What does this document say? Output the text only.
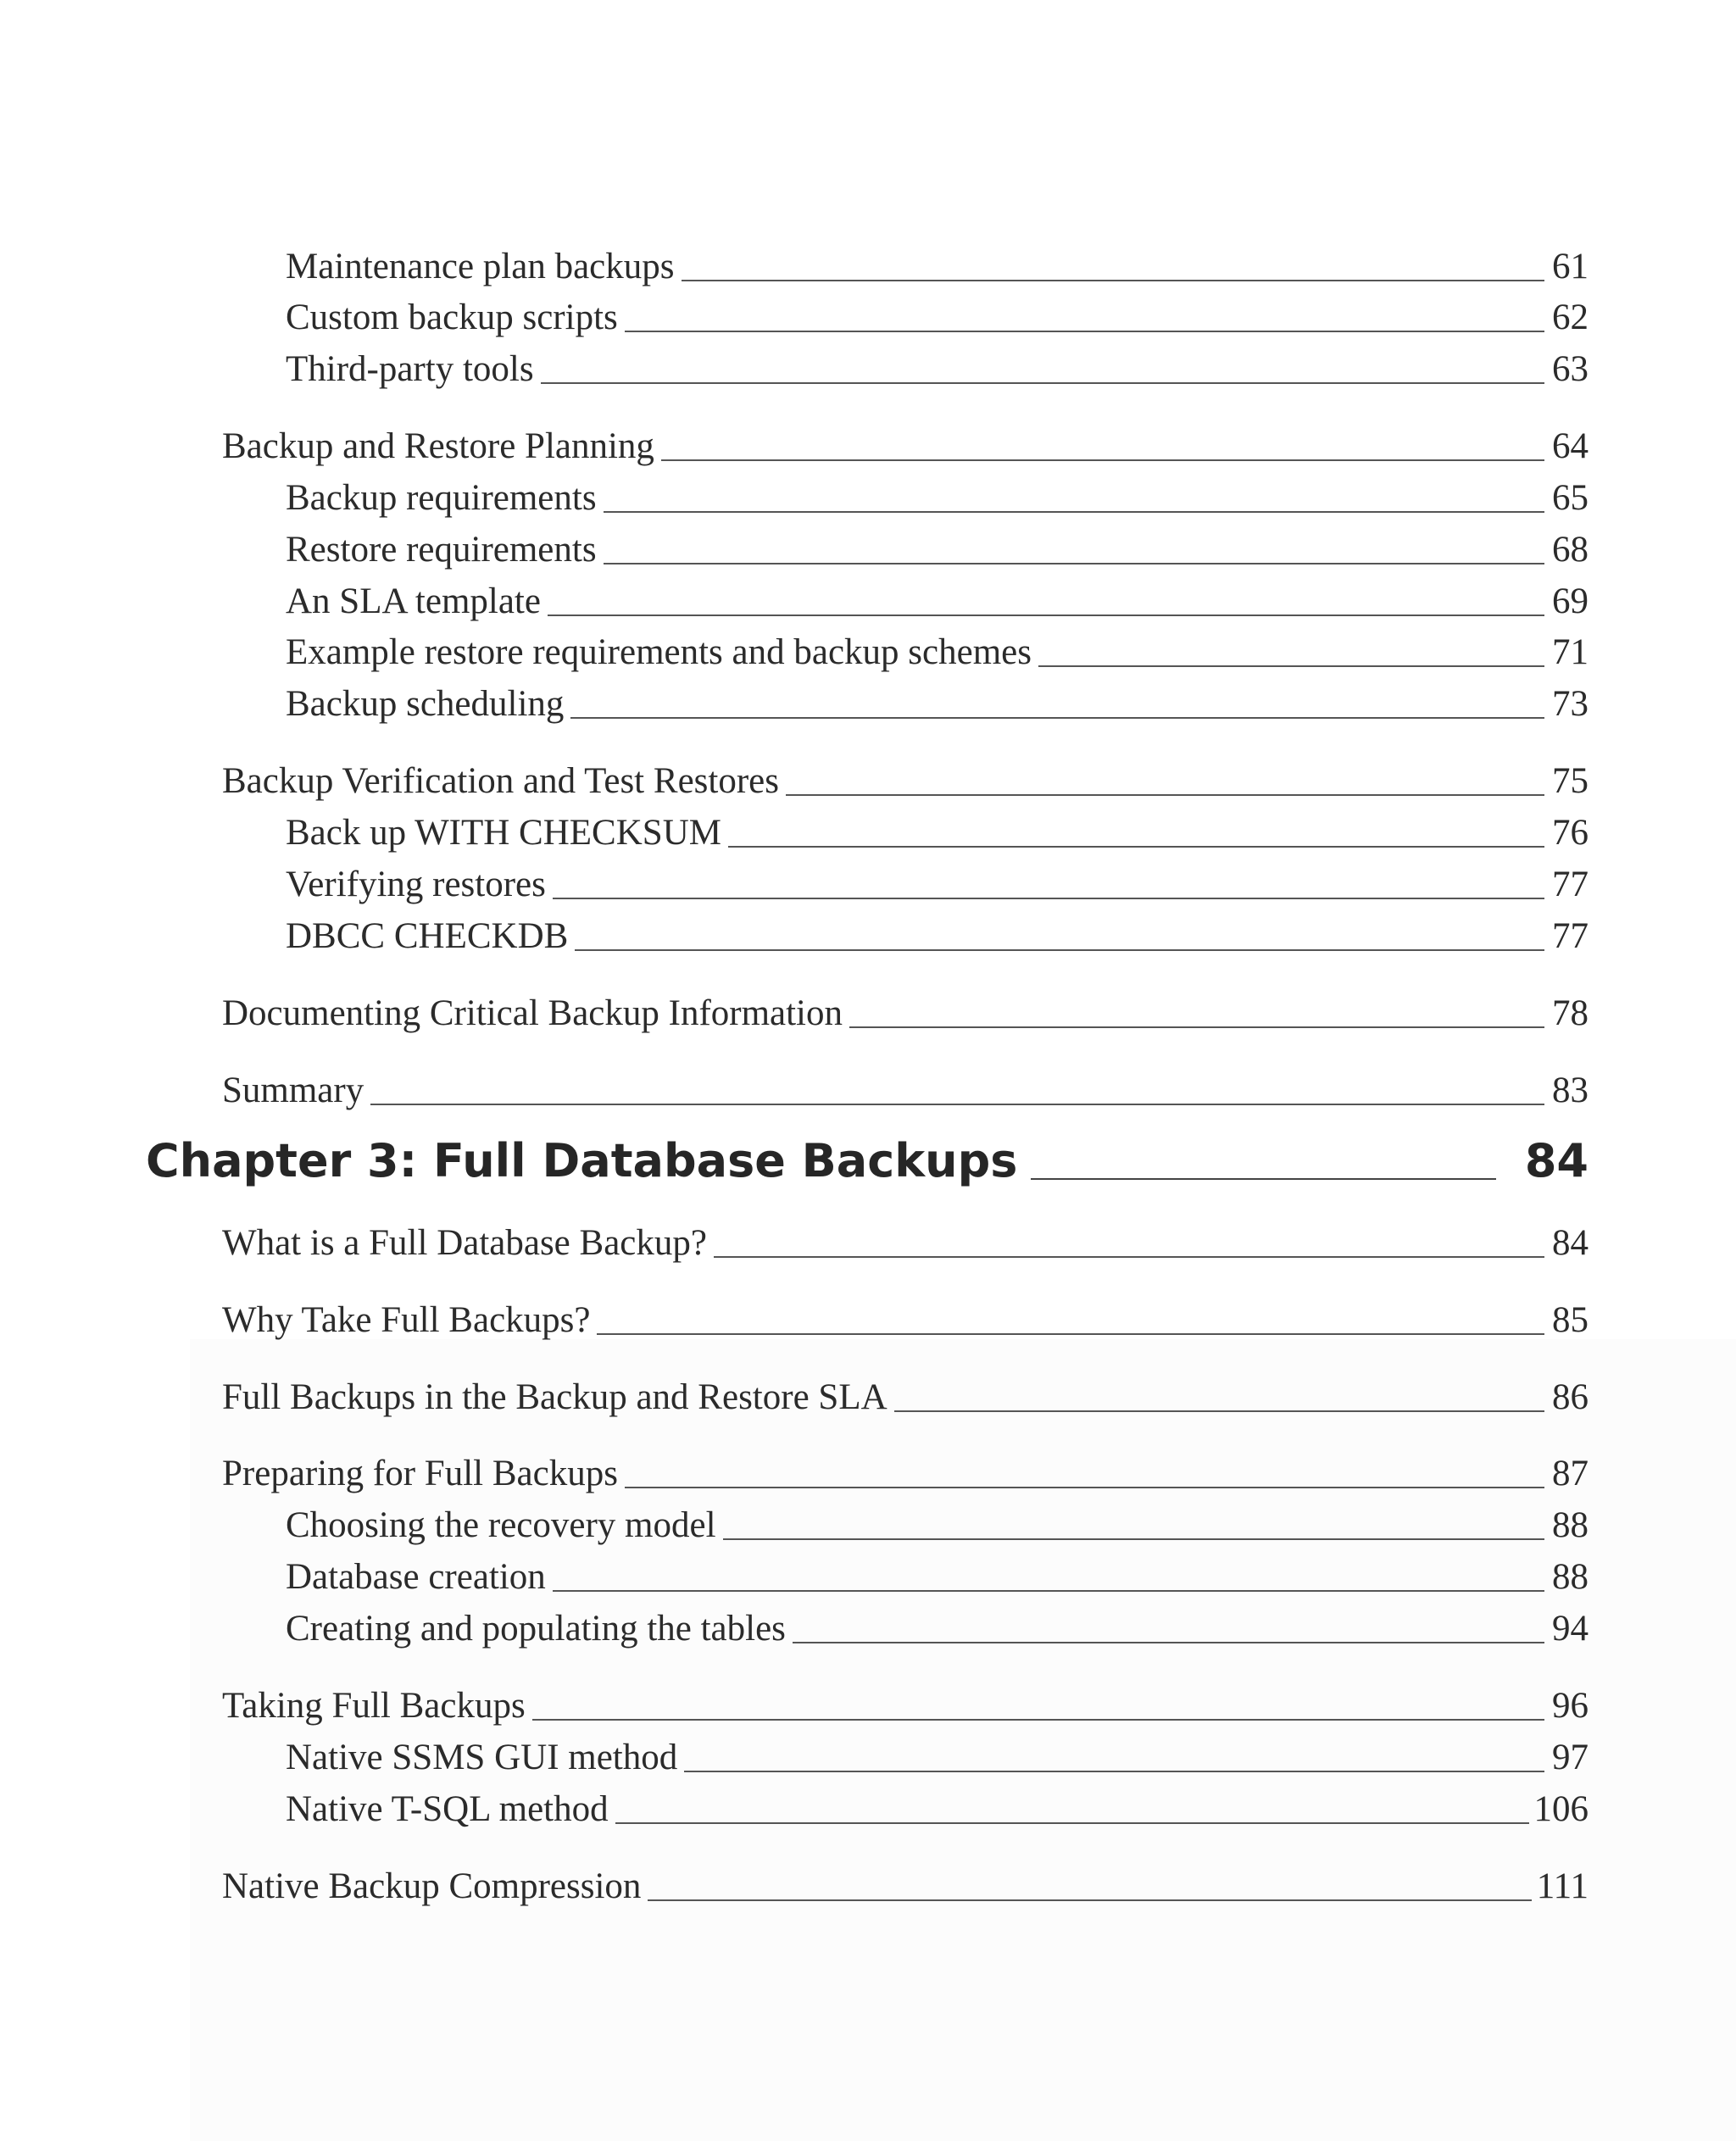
Maintenance plan backups	61
Custom backup scripts	62
Third-party tools	63
Backup and Restore Planning	64
Backup requirements	65
Restore requirements	68
An SLA template	69
Example restore requirements and backup schemes	71
Backup scheduling	73
Backup Verification and Test Restores	75
Back up WITH CHECKSUM	76
Verifying restores	77
DBCC CHECKDB	77
Documenting Critical Backup Information	78
Summary	83
Chapter 3: Full Database Backups	84
What is a Full Database Backup?	84
Why Take Full Backups?	85
Full Backups in the Backup and Restore SLA	86
Preparing for Full Backups	87
Choosing the recovery model	88
Database creation	88
Creating and populating the tables	94
Taking Full Backups	96
Native SSMS GUI method	97
Native T-SQL method	106
Native Backup Compression	111
